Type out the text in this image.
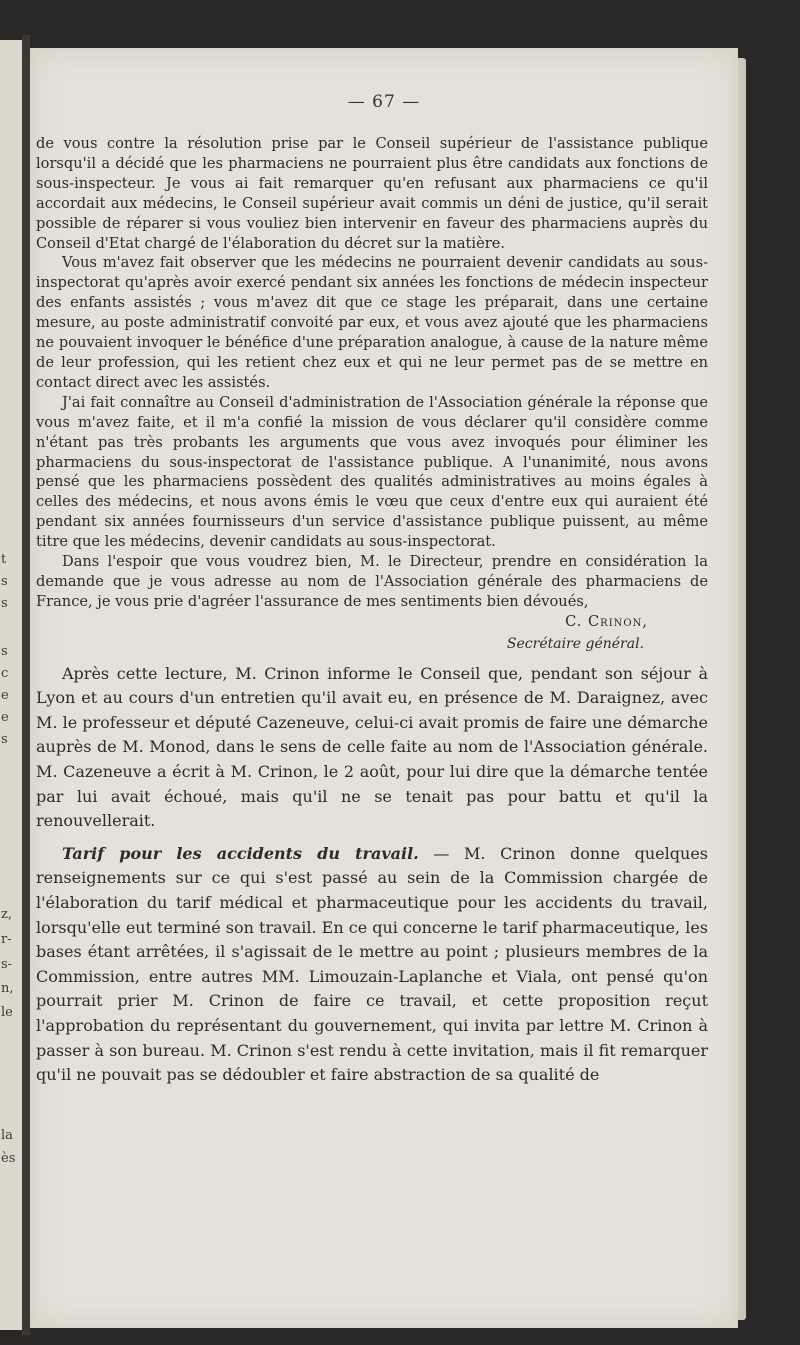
t
s
s
s
c
e
e
s
z,
r-
s-
n,
le
la
ès
— 67 —

de vous contre la résolution prise par le Conseil supérieur de l'assistance publique lorsqu'il a décidé que les pharmaciens ne pourraient plus être candidats aux fonctions de sous-inspecteur. Je vous ai fait remarquer qu'en refusant aux pharmaciens ce qu'il accordait aux médecins, le Conseil supérieur avait commis un déni de justice, qu'il serait possible de réparer si vous vouliez bien intervenir en faveur des pharmaciens auprès du Conseil d'Etat chargé de l'élaboration du décret sur la matière.

Vous m'avez fait observer que les médecins ne pourraient devenir candidats au sous-inspectorat qu'après avoir exercé pendant six années les fonctions de médecin inspecteur des enfants assistés ; vous m'avez dit que ce stage les préparait, dans une certaine mesure, au poste administratif convoité par eux, et vous avez ajouté que les pharmaciens ne pouvaient invoquer le bénéfice d'une préparation analogue, à cause de la nature même de leur profession, qui les retient chez eux et qui ne leur permet pas de se mettre en contact direct avec les assistés.

J'ai fait connaître au Conseil d'administration de l'Association générale la réponse que vous m'avez faite, et il m'a confié la mission de vous déclarer qu'il considère comme n'étant pas très probants les arguments que vous avez invoqués pour éliminer les pharmaciens du sous-inspectorat de l'assistance publique. A l'unanimité, nous avons pensé que les pharmaciens possèdent des qualités administratives au moins égales à celles des médecins, et nous avons émis le vœu que ceux d'entre eux qui auraient été pendant six années fournisseurs d'un service d'assistance publique puissent, au même titre que les médecins, devenir candidats au sous-inspectorat.

Dans l'espoir que vous voudrez bien, M. le Directeur, prendre en considération la demande que je vous adresse au nom de l'Association générale des pharmaciens de France, je vous prie d'agréer l'assurance de mes sentiments bien dévoués,

C. Crinon,
Secrétaire général.

Après cette lecture, M. Crinon informe le Conseil que, pendant son séjour à Lyon et au cours d'un entretien qu'il avait eu, en présence de M. Daraignez, avec M. le professeur et député Cazeneuve, celui-ci avait promis de faire une démarche auprès de M. Monod, dans le sens de celle faite au nom de l'Association générale. M. Cazeneuve a écrit à M. Crinon, le 2 août, pour lui dire que la démarche tentée par lui avait échoué, mais qu'il ne se tenait pas pour battu et qu'il la renouvellerait.

Tarif pour les accidents du travail. — M. Crinon donne quelques renseignements sur ce qui s'est passé au sein de la Commission chargée de l'élaboration du tarif médical et pharmaceutique pour les accidents du travail, lorsqu'elle eut terminé son travail. En ce qui concerne le tarif pharmaceutique, les bases étant arrêtées, il s'agissait de le mettre au point ; plusieurs membres de la Commission, entre autres MM. Limouzain-Laplanche et Viala, ont pensé qu'on pourrait prier M. Crinon de faire ce travail, et cette proposition reçut l'approbation du représentant du gouvernement, qui invita par lettre M. Crinon à passer à son bureau. M. Crinon s'est rendu à cette invitation, mais il fit remarquer qu'il ne pouvait pas se dédoubler et faire abstraction de sa qualité de
